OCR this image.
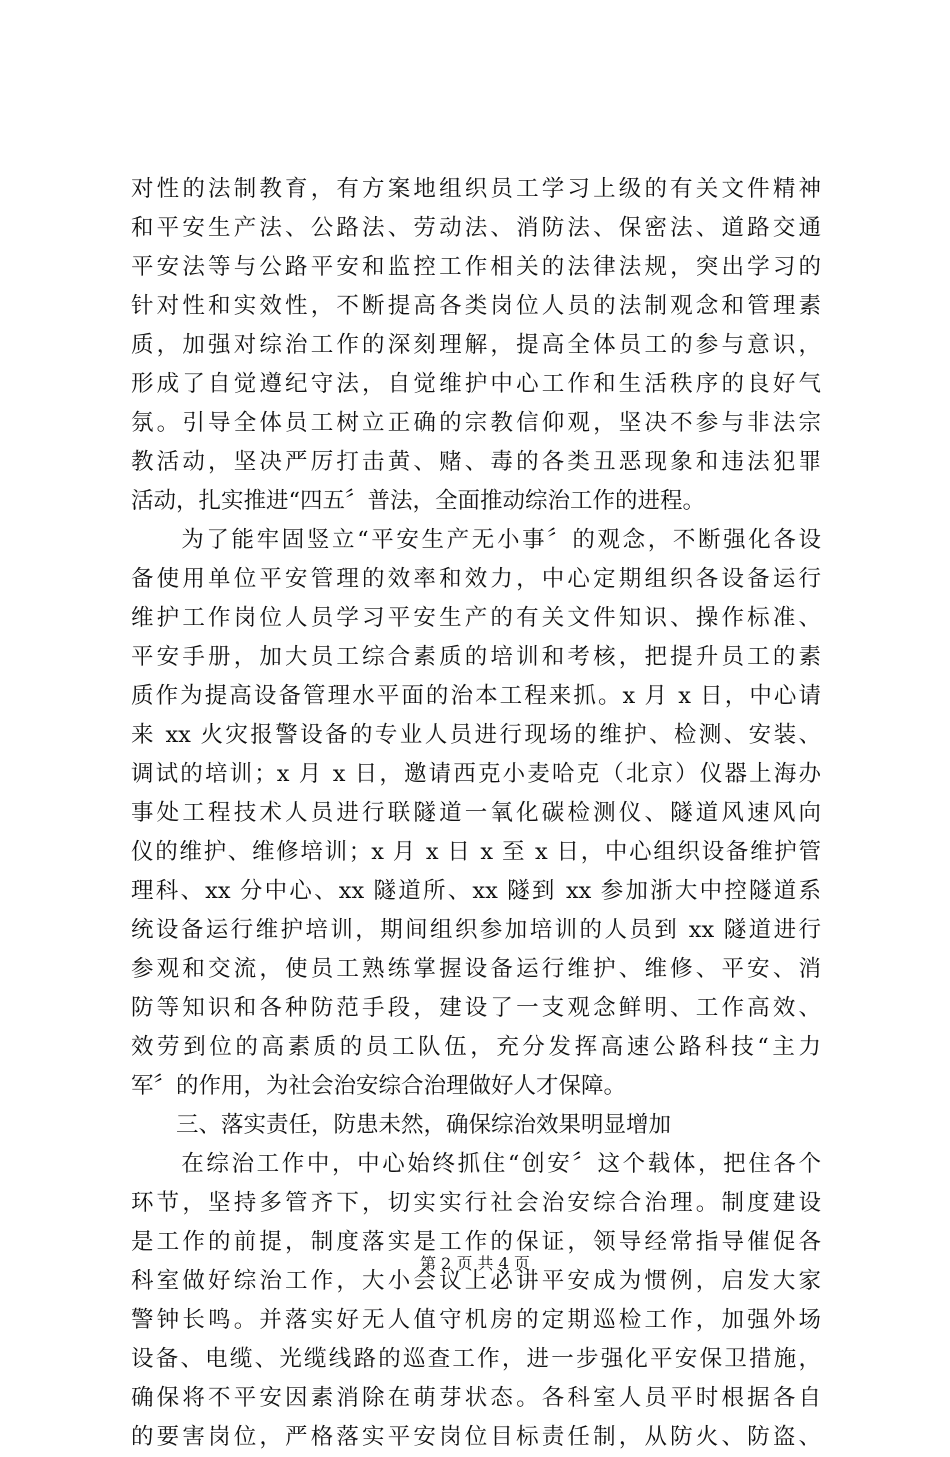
对性的法制教育，有方案地组织员工学习上级的有关文件精神
和平安生产法、公路法、劳动法、消防法、保密法、道路交通
平安法等与公路平安和监控工作相关的法律法规，突出学习的
针对性和实效性，不断提高各类岗位人员的法制观念和管理素
质，加强对综治工作的深刻理解，提高全体员工的参与意识，
形成了自觉遵纪守法，自觉维护中心工作和生活秩序的良好气
氛。引导全体员工树立正确的宗教信仰观，坚决不参与非法宗
教活动，坚决严厉打击黄、赌、毒的各类丑恶现象和违法犯罪
活动，扎实推进“四五〞普法，全面推动综治工作的进程。
　　为了能牢固竖立“平安生产无小事〞的观念，不断强化各设
备使用单位平安管理的效率和效力，中心定期组织各设备运行
维护工作岗位人员学习平安生产的有关文件知识、操作标准、
平安手册，加大员工综合素质的培训和考核，把提升员工的素
质作为提高设备管理水平面的治本工程来抓。x 月 x 日，中心请
来 xx 火灾报警设备的专业人员进行现场的维护、检测、安装、
调试的培训；x 月 x 日，邀请西克小麦哈克（北京）仪器上海办
事处工程技术人员进行联隧道一氧化碳检测仪、隧道风速风向
仪的维护、维修培训；x 月 x 日 x 至 x 日，中心组织设备维护管
理科、xx 分中心、xx 隧道所、xx 隧到 xx 参加浙大中控隧道系
统设备运行维护培训，期间组织参加培训的人员到 xx 隧道进行
参观和交流，使员工熟练掌握设备运行维护、维修、平安、消
防等知识和各种防范手段，建设了一支观念鲜明、工作高效、
效劳到位的高素质的员工队伍，充分发挥高速公路科技“主力
军〞的作用，为社会治安综合治理做好人才保障。
　　三、落实责任，防患未然，确保综治效果明显增加
　　在综治工作中，中心始终抓住“创安〞这个载体，把住各个
环节，坚持多管齐下，切实实行社会治安综合治理。制度建设
是工作的前提，制度落实是工作的保证，领导经常指导催促各
科室做好综治工作，大小会议上必讲平安成为惯例，启发大家
警钟长鸣。并落实好无人值守机房的定期巡检工作，加强外场
设备、电缆、光缆线路的巡查工作，进一步强化平安保卫措施，
确保将不平安因素消除在萌芽状态。各科室人员平时根据各自
的要害岗位，严格落实平安岗位目标责任制，从防火、防盗、
第 2 页 共 4 页
